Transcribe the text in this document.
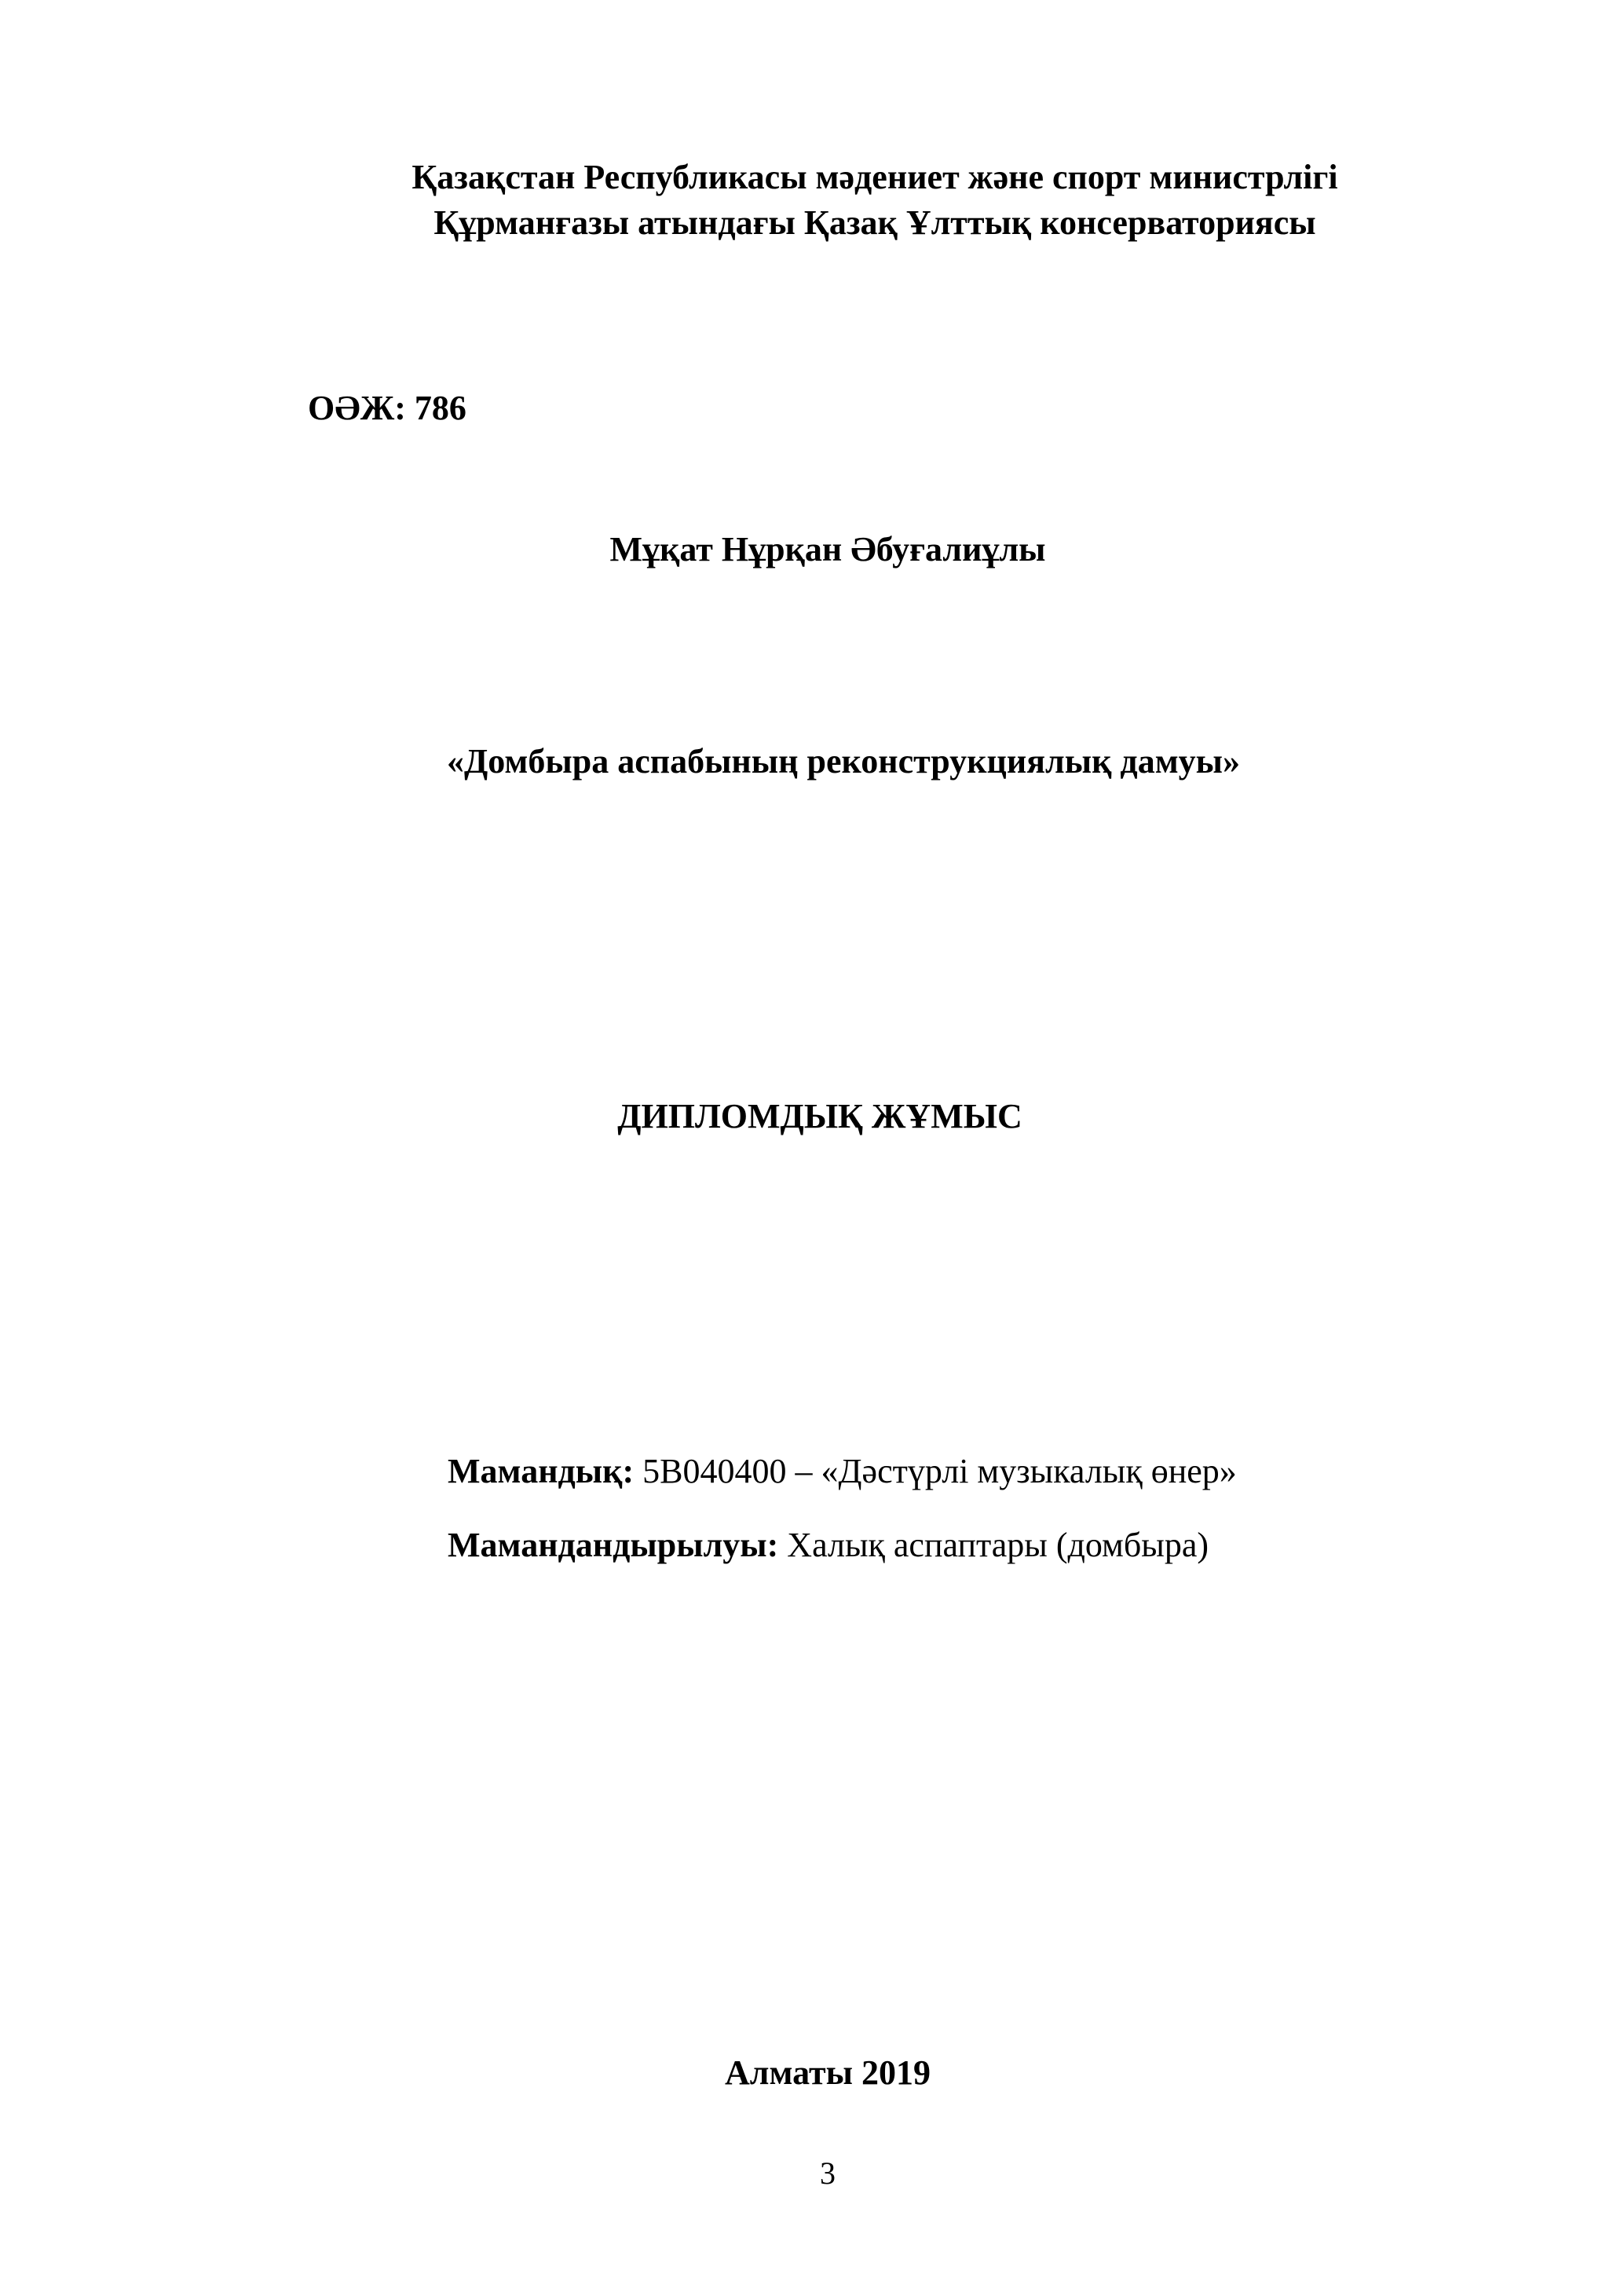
Қазақстан Республикасы мәдениет және спорт министрлігі
Құрманғазы атындағы Қазақ Ұлттық консерваториясы
ОӘЖ: 786
Мұқат Нұрқан Әбуғалиұлы
«Домбыра аспабының реконструкциялық дамуы»
ДИПЛОМДЫҚ ЖҰМЫС
Мамандық: 5В040400 – «Дәстүрлі музыкалық өнер»
Мамандандырылуы: Халық аспаптары (домбыра)
Алматы 2019
3
